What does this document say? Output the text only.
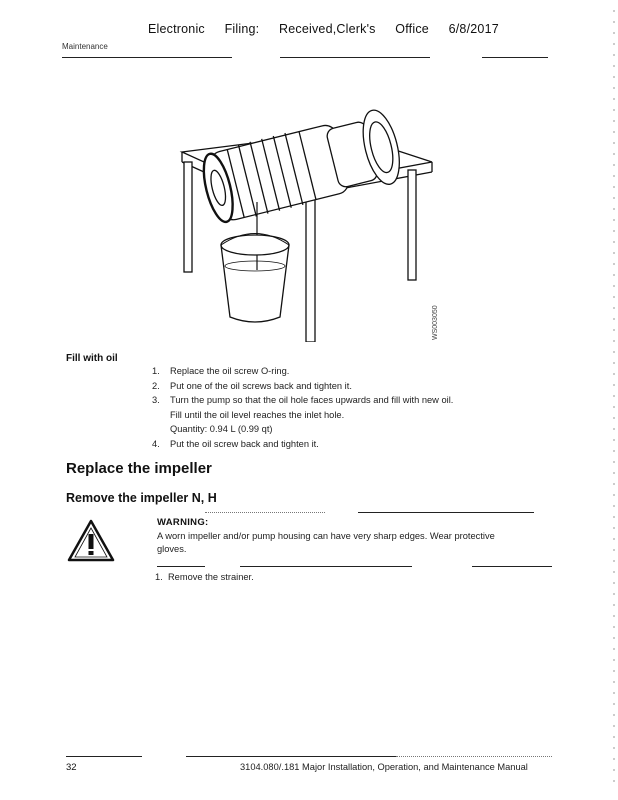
Electronic Filing: Received,Clerk's Office 6/8/2017
Maintenance
WS003050
Fill with oil
1.	Replace the oil screw O-ring.
2.	Put one of the oil screws back and tighten it.
3.	Turn the pump so that the oil hole faces upwards and fill with new oil.
Fill until the oil level reaches the inlet hole.
Quantity: 0.94 L (0.99 qt)
4.	Put the oil screw back and tighten it.
Replace the impeller
Remove the impeller N, H
WARNING:
A worn impeller and/or pump housing can have very sharp edges. Wear protective gloves.
1. Remove the strainer.
32	3104.080/.181 Major Installation, Operation, and Maintenance Manual
